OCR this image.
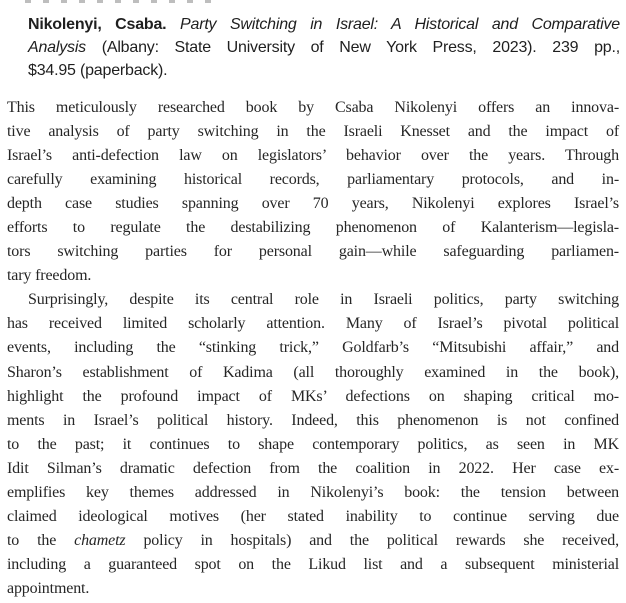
Nikolenyi, Csaba. Party Switching in Israel: A Historical and Comparative
Analysis (Albany: State University of New York Press, 2023). 239 pp.,
$34.95 (paperback).
This meticulously researched book by Csaba Nikolenyi offers an innova-
tive analysis of party switching in the Israeli Knesset and the impact of
Israel’s anti-defection law on legislators’ behavior over the years. Through
carefully examining historical records, parliamentary protocols, and in-
depth case studies spanning over 70 years, Nikolenyi explores Israel’s
efforts to regulate the destabilizing phenomenon of Kalanterism—legisla-
tors switching parties for personal gain—while safeguarding parliamen-
tary freedom.
Surprisingly, despite its central role in Israeli politics, party switching
has received limited scholarly attention. Many of Israel’s pivotal political
events, including the “stinking trick,” Goldfarb’s “Mitsubishi affair,” and
Sharon’s establishment of Kadima (all thoroughly examined in the book),
highlight the profound impact of MKs’ defections on shaping critical mo-
ments in Israel’s political history. Indeed, this phenomenon is not confined
to the past; it continues to shape contemporary politics, as seen in MK
Idit Silman’s dramatic defection from the coalition in 2022. Her case ex-
emplifies key themes addressed in Nikolenyi’s book: the tension between
claimed ideological motives (her stated inability to continue serving due
to the chametz policy in hospitals) and the political rewards she received,
including a guaranteed spot on the Likud list and a subsequent ministerial
appointment.
